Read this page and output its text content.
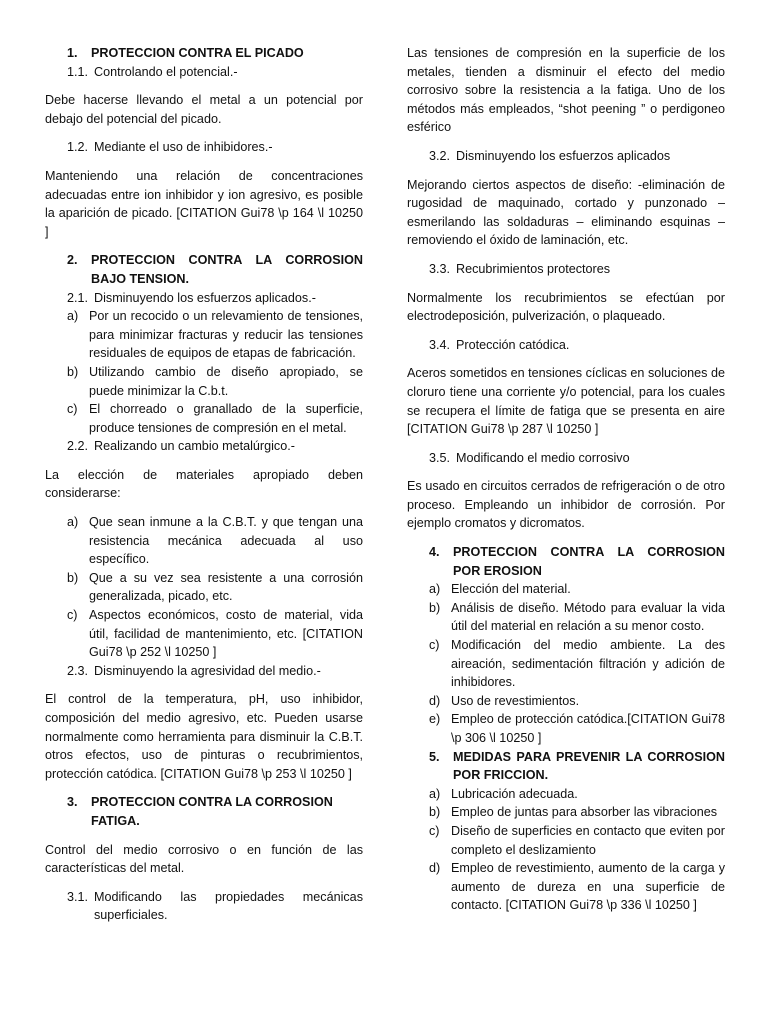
1.	PROTECCION CONTRA EL PICADO
1.1. Controlando el potencial.-
Debe hacerse llevando el metal a un potencial por debajo del potencial del picado.
1.2. Mediante el uso de inhibidores.-
Manteniendo una relación de concentraciones adecuadas entre ion inhibidor y ion agresivo, es posible la aparición de picado. [CITATION Gui78 \p 164 \l 10250 ]
2.	PROTECCION CONTRA LA CORROSION BAJO TENSION.
2.1. Disminuyendo los esfuerzos aplicados.-
a) Por un recocido o un relevamiento de tensiones, para minimizar fracturas y reducir las tensiones residuales de equipos de etapas de fabricación.
b) Utilizando cambio de diseño apropiado, se puede minimizar la C.b.t.
c) El chorreado o granallado de la superficie, produce tensiones de compresión en el metal.
2.2. Realizando un cambio metalúrgico.-
La elección de materiales apropiado deben considerarse:
a) Que sean inmune a la C.B.T. y que tengan una resistencia mecánica adecuada al uso específico.
b) Que a su vez sea resistente a una corrosión generalizada, picado, etc.
c) Aspectos económicos, costo de material, vida útil, facilidad de mantenimiento, etc. [CITATION Gui78 \p 252 \l 10250 ]
2.3. Disminuyendo la agresividad del medio.-
El control de la temperatura, pH, uso inhibidor, composición del medio agresivo, etc. Pueden usarse normalmente como herramienta para disminuir la C.B.T. otros efectos, uso de pinturas o recubrimientos, protección catódica. [CITATION Gui78 \p 253 \l 10250 ]
3.	PROTECCION CONTRA LA CORROSION FATIGA.
Control del medio corrosivo o en función de las características del metal.
3.1. Modificando las propiedades mecánicas superficiales.
Las tensiones de compresión en la superficie de los metales, tienden a disminuir el efecto del medio corrosivo sobre la resistencia a la fatiga. Uno de los métodos más empleados, “shot peening ” o perdigoneo esférico
3.2. Disminuyendo los esfuerzos aplicados
Mejorando ciertos aspectos de diseño: -eliminación de rugosidad de maquinado, cortado y punzonado – esmerilando las soldaduras – eliminando esquinas – removiendo el óxido de laminación, etc.
3.3. Recubrimientos protectores
Normalmente los recubrimientos se efectúan por electrodeposición, pulverización, o plaqueado.
3.4. Protección catódica.
Aceros sometidos en tensiones cíclicas en soluciones de cloruro tiene una corriente y/o potencial, para los cuales se recupera el límite de fatiga que se presenta en aire [CITATION Gui78 \p 287 \l 10250 ]
3.5. Modificando el medio corrosivo
Es usado en circuitos cerrados de refrigeración o de otro proceso. Empleando un inhibidor de corrosión. Por ejemplo cromatos y dicromatos.
4.	PROTECCION CONTRA LA CORROSION POR EROSION
a) Elección del material.
b) Análisis de diseño. Método para evaluar la vida útil del material en relación a su menor costo.
c) Modificación del medio ambiente. La des aireación, sedimentación filtración y adición de inhibidores.
d) Uso de revestimientos.
e) Empleo de protección catódica.[CITATION Gui78 \p 306 \l 10250 ]
5.	MEDIDAS PARA PREVENIR LA CORROSION POR FRICCION.
a) Lubricación adecuada.
b) Empleo de juntas para absorber las vibraciones
c) Diseño de superficies en contacto que eviten por completo el deslizamiento
d) Empleo de revestimiento, aumento de la carga y aumento de dureza en una superficie de contacto. [CITATION Gui78 \p 336 \l 10250 ]
